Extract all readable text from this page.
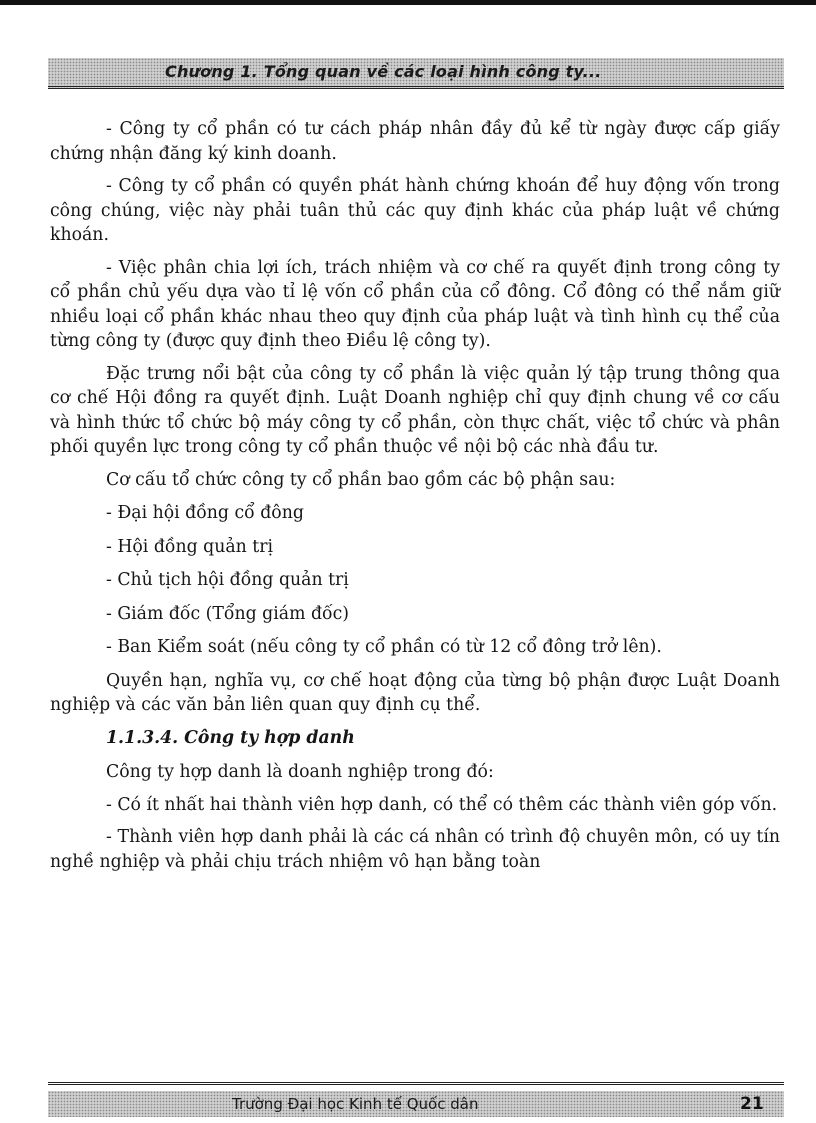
Chương 1. Tổng quan về các loại hình công ty...

- Công ty cổ phần có tư cách pháp nhân đầy đủ kể từ ngày được cấp giấy chứng nhận đăng ký kinh doanh.

- Công ty cổ phần có quyền phát hành chứng khoán để huy động vốn trong công chúng, việc này phải tuân thủ các quy định khác của pháp luật về chứng khoán.

- Việc phân chia lợi ích, trách nhiệm và cơ chế ra quyết định trong công ty cổ phần chủ yếu dựa vào tỉ lệ vốn cổ phần của cổ đông. Cổ đông có thể nắm giữ nhiều loại cổ phần khác nhau theo quy định của pháp luật và tình hình cụ thể của từng công ty (được quy định theo Điều lệ công ty).

Đặc trưng nổi bật của công ty cổ phần là việc quản lý tập trung thông qua cơ chế Hội đồng ra quyết định. Luật Doanh nghiệp chỉ quy định chung về cơ cấu và hình thức tổ chức bộ máy công ty cổ phần, còn thực chất, việc tổ chức và phân phối quyền lực trong công ty cổ phần thuộc về nội bộ các nhà đầu tư.

Cơ cấu tổ chức công ty cổ phần bao gồm các bộ phận sau:

- Đại hội đồng cổ đông

- Hội đồng quản trị

- Chủ tịch hội đồng quản trị

- Giám đốc (Tổng giám đốc)

- Ban Kiểm soát (nếu công ty cổ phần có từ 12 cổ đông trở lên).

Quyền hạn, nghĩa vụ, cơ chế hoạt động của từng bộ phận được Luật Doanh nghiệp và các văn bản liên quan quy định cụ thể.

1.1.3.4. Công ty hợp danh

Công ty hợp danh là doanh nghiệp trong đó:

- Có ít nhất hai thành viên hợp danh, có thể có thêm các thành viên góp vốn.

- Thành viên hợp danh phải là các cá nhân có trình độ chuyên môn, có uy tín nghề nghiệp và phải chịu trách nhiệm vô hạn bằng toàn

Trường Đại học Kinh tế Quốc dân	21
